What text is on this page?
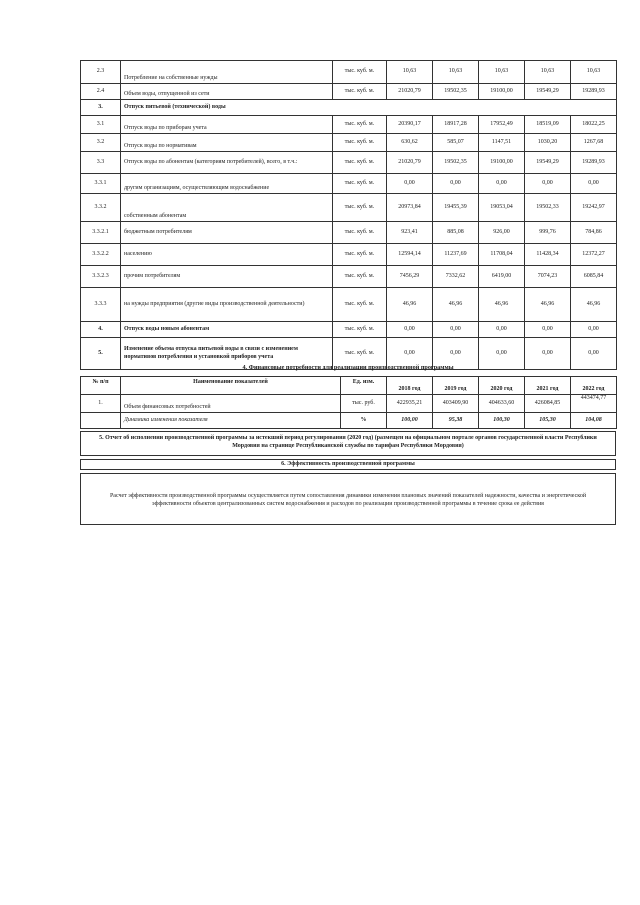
2.3	Потребление на собственные нужды	тыс. куб. м.	10,63	10,63	10,63	10,63	10,63
2.4	Объем воды, отпущенной из сети	тыс. куб. м.	21020,79	19502,35	19100,00	19549,29	19289,93
3.	Отпуск питьевой (технической) воды						
3.1	Отпуск воды по приборам учета	тыс. куб. м.	20390,17	18917,28	17952,49	18519,09	18022,25
3.2	Отпуск воды по нормативам	тыс. куб. м.	630,62	585,07	1147,51	1030,20	1267,68
3.3	Отпуск воды по абонентам (категориям потребителей), всего, в т.ч.:	тыс. куб. м.	21020,79	19502,35	19100,00	19549,29	19289,93
3.3.1	другим организациям, осуществляющим водоснабжение	тыс. куб. м.	0,00	0,00	0,00	0,00	0,00
3.3.2	собственным абонентам	тыс. куб. м.	20973,84	19455,39	19053,04	19502,33	19242,97
3.3.2.1	бюджетным потребителям	тыс. куб. м.	923,41	885,08	926,00	999,76	784,86
3.3.2.2	населению	тыс. куб. м.	12594,14	11237,69	11708,04	11428,34	12372,27
3.3.2.3	прочим потребителям	тыс. куб. м.	7456,29	7332,62	6419,00	7074,23	6085,84
3.3.3	на нужды предприятия (другие виды производственной деятельности)	тыс. куб. м.	46,96	46,96	46,96	46,96	46,96
4.	Отпуск воды новым абонентам	тыс. куб. м.	0,00	0,00	0,00	0,00	0,00
5.	Изменение объема отпуска питьевой воды в связи с изменением нормативов потребления и установкой приборов учета	тыс. куб. м.	0,00	0,00	0,00	0,00	0,00
4. Финансовые потребности для реализации производственной программы
№ п/п	Наименование показателей	Ед. изм.	2018 год	2019 год	2020 год	2021 год	2022 год
1.	Объем финансовых потребностей	тыс. руб.	422935,21	403409,90	404633,60	426084,85	443474,77
	Динамика изменения показателя	%	100,00	95,38	100,30	105,30	104,08
5. Отчет об исполнении производственной программы за истекший период регулирования (2020 год) (размещен на официальном портале органов государственной власти Республики Мордовия на странице Республиканской службы по тарифам Республики Мордовия)
6. Эффективность производственной программы
Расчет эффективности производственной программы осуществляется путем сопоставления динамики изменения плановых значений показателей надежности, качества и энергетической эффективности объектов централизованных систем водоснабжения и расходов по реализации производственной программы в течение срока ее действия
